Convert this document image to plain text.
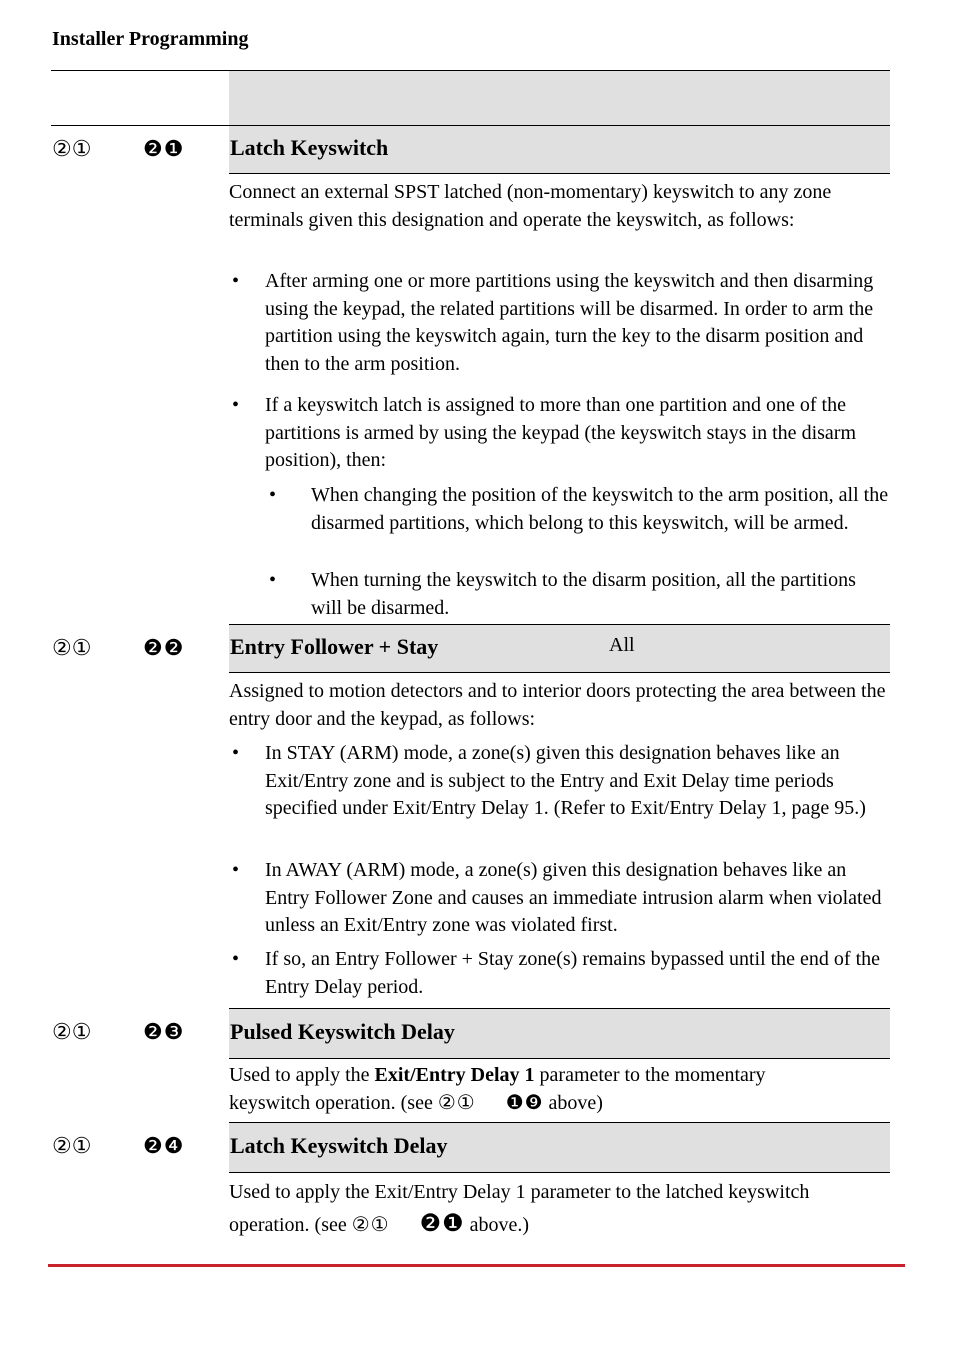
Installer Programming
②① ❷❶ Latch Keyswitch
Connect an external SPST latched (non-momentary) keyswitch to any zone terminals given this designation and operate the keyswitch, as follows:
• After arming one or more partitions using the keyswitch and then disarming using the keypad, the related partitions will be disarmed. In order to arm the partition using the keyswitch again, turn the key to the disarm position and then to the arm position.
• If a keyswitch latch is assigned to more than one partition and one of the partitions is armed by using the keypad (the keyswitch stays in the disarm position), then:
• When changing the position of the keyswitch to the arm position, all the disarmed partitions, which belong to this keyswitch, will be armed.
• When turning the keyswitch to the disarm position, all the partitions will be disarmed.
②① ❷❷ Entry Follower + Stay	All
Assigned to motion detectors and to interior doors protecting the area between the entry door and the keypad, as follows:
• In STAY (ARM) mode, a zone(s) given this designation behaves like an Exit/Entry zone and is subject to the Entry and Exit Delay time periods specified under Exit/Entry Delay 1. (Refer to Exit/Entry Delay 1, page 95.)
• In AWAY (ARM) mode, a zone(s) given this designation behaves like an Entry Follower Zone and causes an immediate intrusion alarm when violated unless an Exit/Entry zone was violated first.
• If so, an Entry Follower + Stay zone(s) remains bypassed until the end of the Entry Delay period.
②① ❷❸ Pulsed Keyswitch Delay
Used to apply the Exit/Entry Delay 1 parameter to the momentary
keyswitch operation. (see ②① ❶❾ above)
②① ❷❹ Latch Keyswitch Delay
Used to apply the Exit/Entry Delay 1 parameter to the latched keyswitch
operation. (see ②① ❷❶ above.)
